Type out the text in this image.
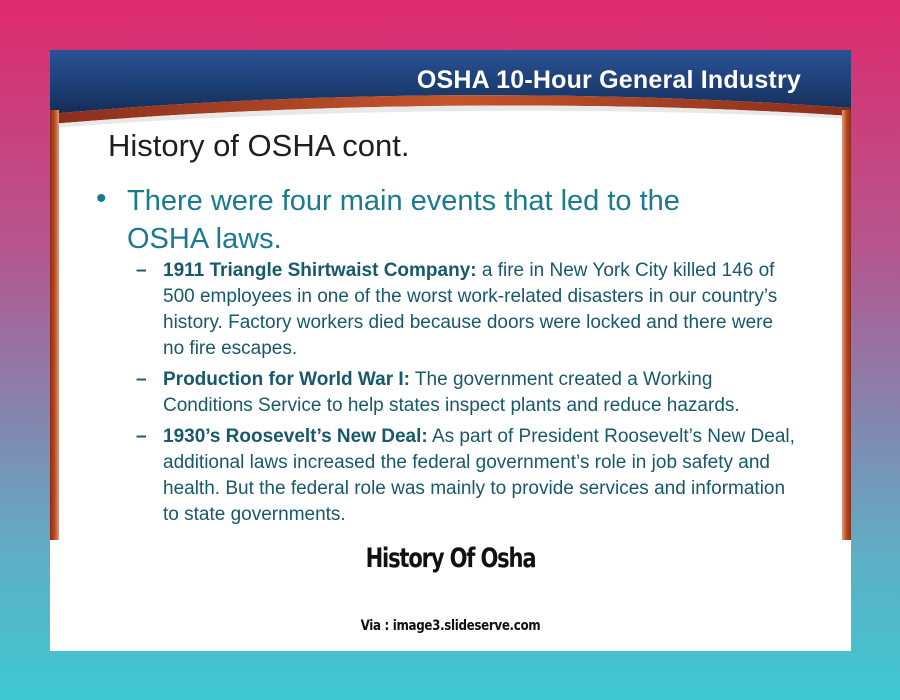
OSHA 10-Hour General Industry
History of OSHA cont.
• There were four main events that led to the OSHA laws.
– 1911 Triangle Shirtwaist Company: a fire in New York City killed 146 of 500 employees in one of the worst work-related disasters in our country’s history. Factory workers died because doors were locked and there were no fire escapes.
– Production for World War I: The government created a Working Conditions Service to help states inspect plants and reduce hazards.
– 1930’s Roosevelt’s New Deal: As part of President Roosevelt’s New Deal, additional laws increased the federal government’s role in job safety and health. But the federal role was mainly to provide services and information to state governments.
History Of Osha
Via : image3.slideserve.com
